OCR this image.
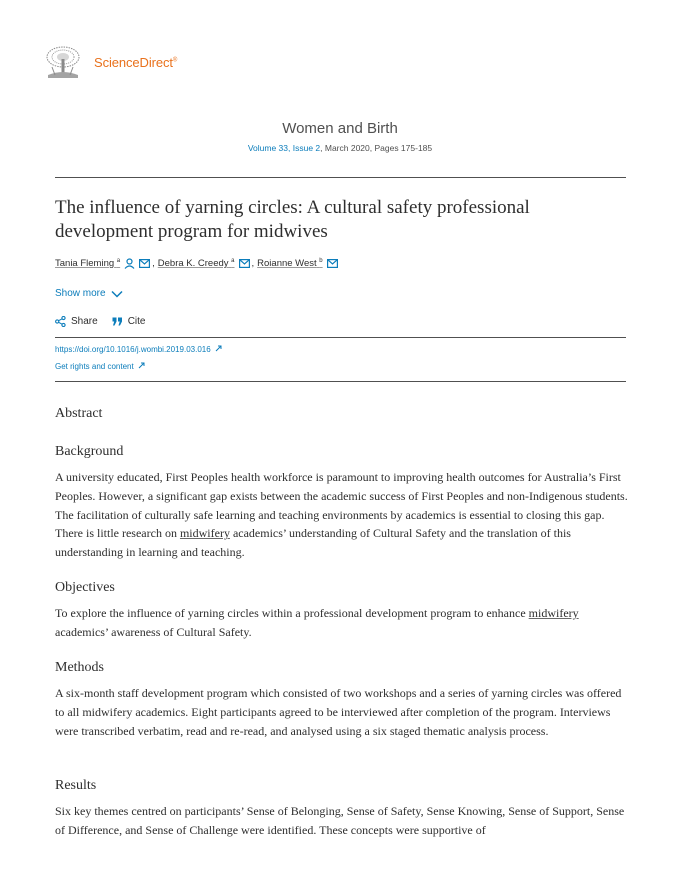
ScienceDirect®
Women and Birth
Volume 33, Issue 2, March 2020, Pages 175-185
The influence of yarning circles: A cultural safety professional development program for midwives
Tania Fleming $^a$	, Debra K. Creedy $^a$ , Roianne West $^b$
Show more
Share	Cite
https://doi.org/10.1016/j.wombi.2019.03.016
Get rights and content
Abstract
Background
A university educated, First Peoples health workforce is paramount to improving health outcomes for Australia’s First Peoples. However, a significant gap exists between the academic success of First Peoples and non-Indigenous students. The facilitation of culturally safe learning and teaching environments by academics is essential to closing this gap. There is little research on midwifery academics’ understanding of Cultural Safety and the translation of this understanding in learning and teaching.
Objectives
To explore the influence of yarning circles within a professional development program to enhance midwifery academics’ awareness of Cultural Safety.
Methods
A six-month staff development program which consisted of two workshops and a series of yarning circles was offered to all midwifery academics. Eight participants agreed to be interviewed after completion of the program. Interviews were transcribed verbatim, read and re-read, and analysed using a six staged thematic analysis process.
Results
Six key themes centred on participants’ Sense of Belonging, Sense of Safety, Sense Knowing, Sense of Support, Sense of Difference, and Sense of Challenge were identified. These concepts were supportive of
